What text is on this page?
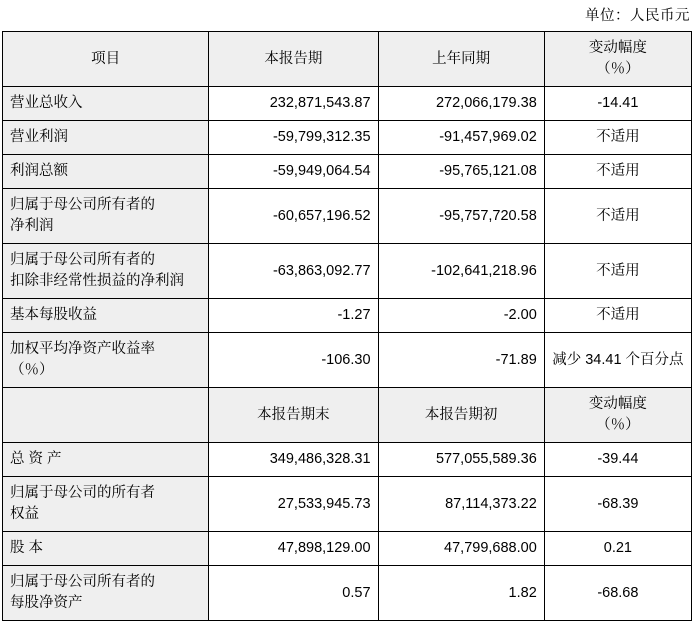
单位：人民币元
项目	本报告期	上年同期	变动幅度
（％）

营业总收入	232,871,543.87	272,066,179.38	-14.41
营业利润	-59,799,312.35	-91,457,969.02	不适用
利润总额	-59,949,064.54	-95,765,121.08	不适用

归属于母公司所有者的
净利润	-60,657,196.52	-95,757,720.58	不适用

归属于母公司所有者的
扣除非经常性损益的净利润	-63,863,092.77	-102,641,218.96	不适用
基本每股收益	-1.27	-2.00	不适用

加权平均净资产收益率
（％）	-106.30	-71.89	减少 34.41 个百分点
	本报告期末	本报告期初	变动幅度
（％）

总 资 产	349,486,328.31	577,055,589.36	-39.44

归属于母公司的所有者
权益	27,533,945.73	87,114,373.22	-68.39
股 本	47,898,129.00	47,799,688.00	0.21

归属于母公司所有者的
每股净资产	0.57	1.82	-68.68
